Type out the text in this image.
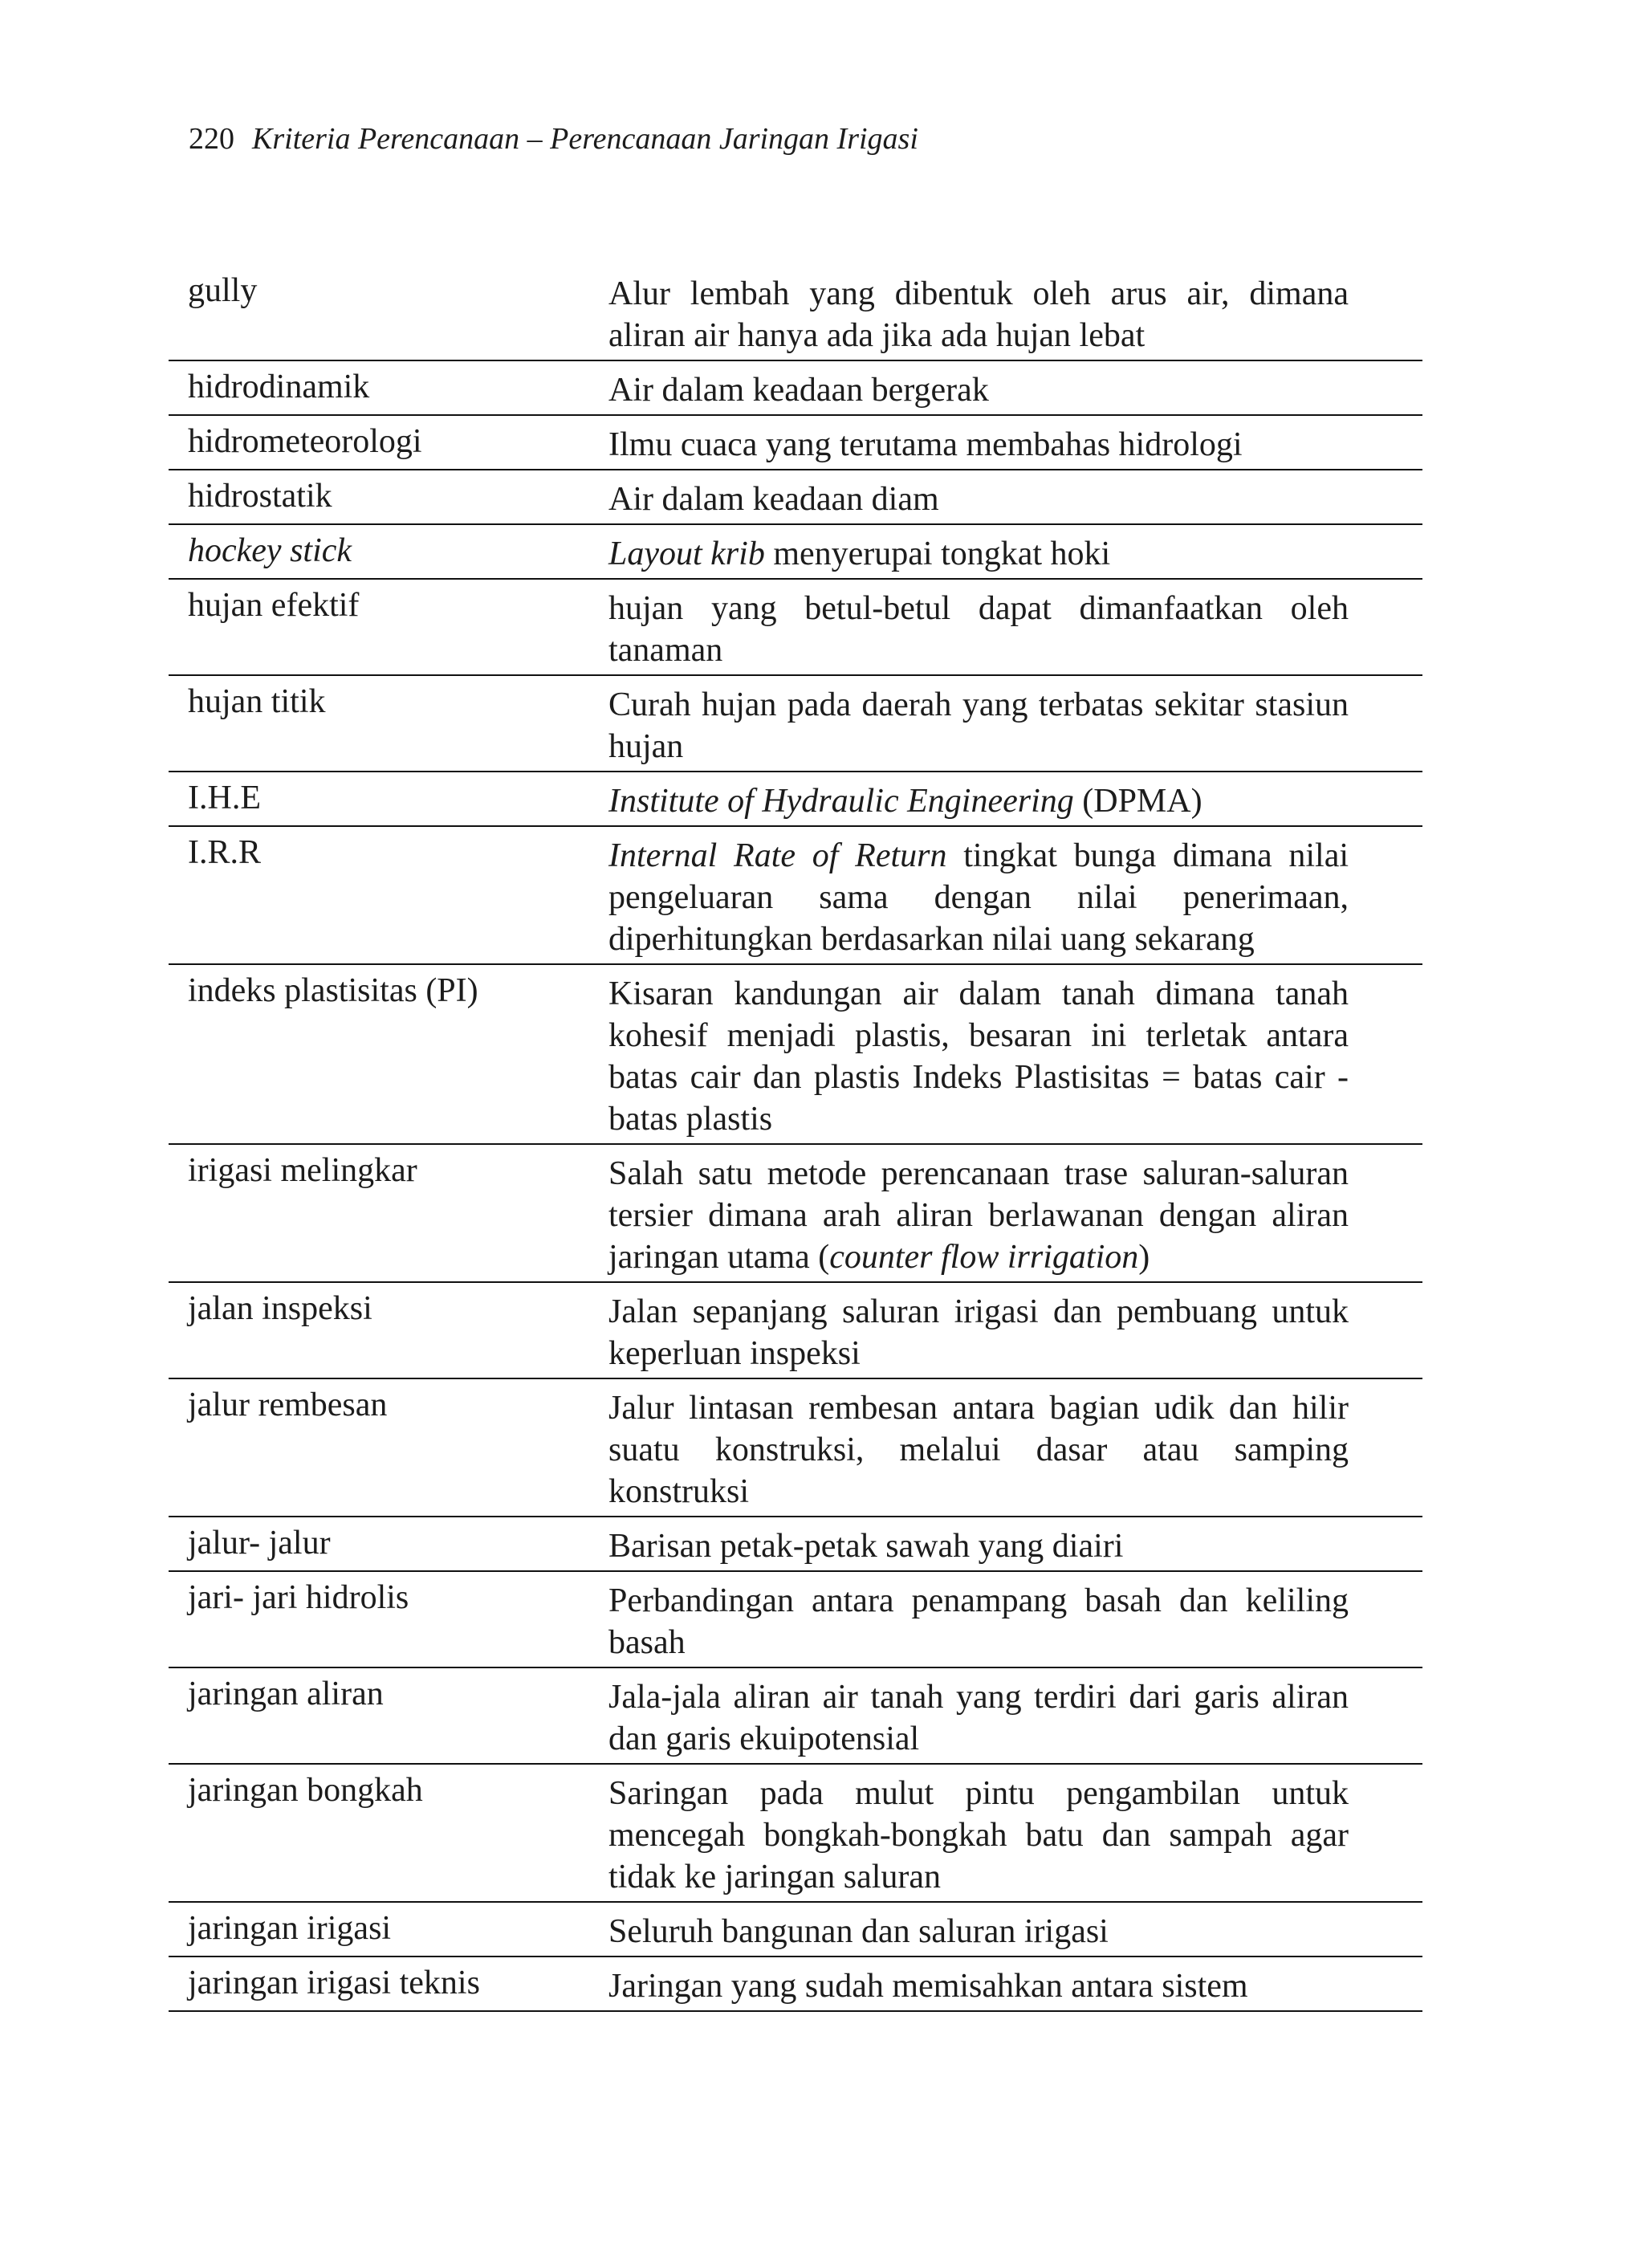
220 Kriteria Perencanaan – Perencanaan Jaringan Irigasi
gully	Alur lembah yang dibentuk oleh arus air, dimana aliran air hanya ada jika ada hujan lebat
hidrodinamik	Air dalam keadaan bergerak
hidrometeorologi	Ilmu cuaca yang terutama membahas hidrologi
hidrostatik	Air dalam keadaan diam
hockey stick	Layout krib menyerupai tongkat hoki
hujan efektif	hujan yang betul-betul dapat dimanfaatkan oleh tanaman
hujan titik	Curah hujan pada daerah yang terbatas sekitar stasiun hujan
I.H.E	Institute of Hydraulic Engineering (DPMA)
I.R.R	Internal Rate of Return tingkat bunga dimana nilai pengeluaran sama dengan nilai penerimaan, diperhitungkan berdasarkan nilai uang sekarang
indeks plastisitas (PI)	Kisaran kandungan air dalam tanah dimana tanah kohesif menjadi plastis, besaran ini terletak antara batas cair dan plastis Indeks Plastisitas = batas cair - batas plastis
irigasi melingkar	Salah satu metode perencanaan trase saluran-saluran tersier dimana arah aliran berlawanan dengan aliran jaringan utama (counter flow irrigation)
jalan inspeksi	Jalan sepanjang saluran irigasi dan pembuang untuk keperluan inspeksi
jalur rembesan	Jalur lintasan rembesan antara bagian udik dan hilir suatu konstruksi, melalui dasar atau samping konstruksi
jalur- jalur	Barisan petak-petak sawah yang diairi
jari- jari hidrolis	Perbandingan antara penampang basah dan keliling basah
jaringan aliran	Jala-jala aliran air tanah yang terdiri dari garis aliran dan garis ekuipotensial
jaringan bongkah	Saringan pada mulut pintu pengambilan untuk mencegah bongkah-bongkah batu dan sampah agar tidak ke jaringan saluran
jaringan irigasi	Seluruh bangunan dan saluran irigasi
jaringan irigasi teknis	Jaringan yang sudah memisahkan antara sistem
